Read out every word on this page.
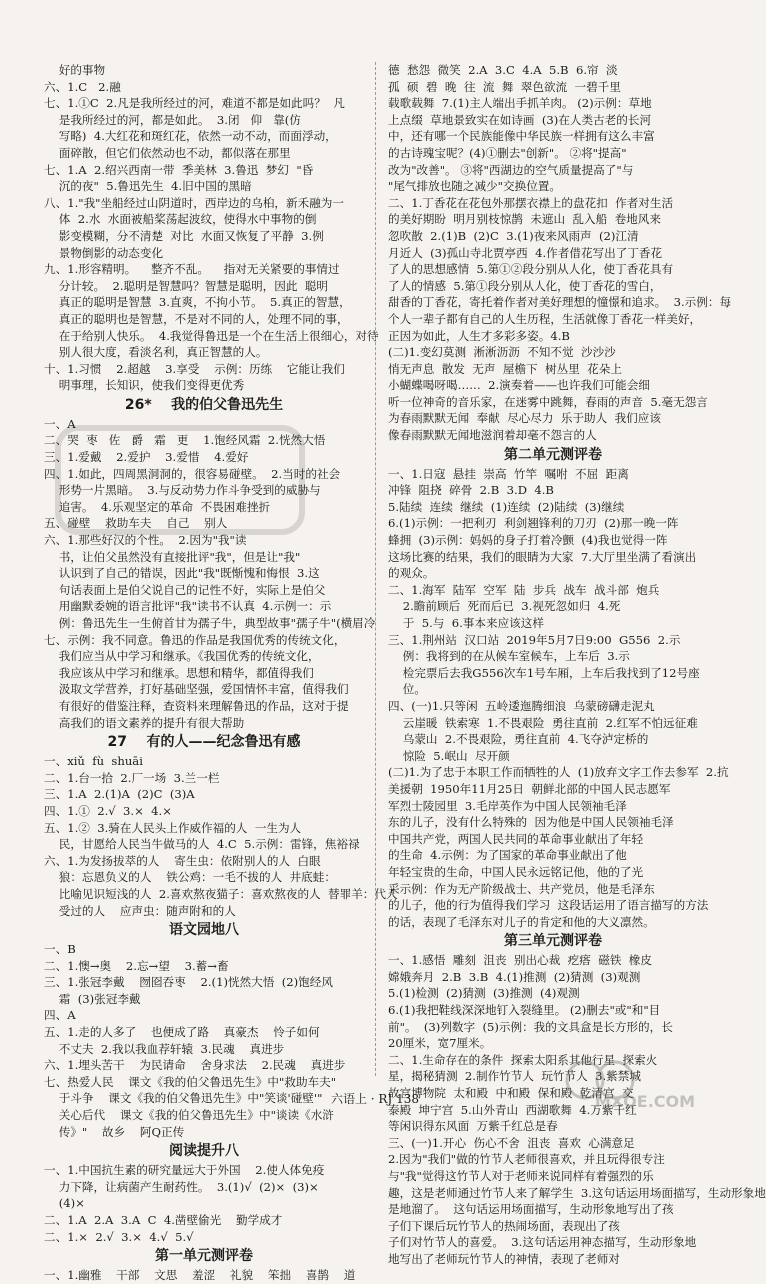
好的事物
六、1.C   2.融
七、1.①C  2.凡是我所经过的河，难道不都是如此吗？  凡
是我所经过的河，都是如此。  3.闭   仰   靠(仿
写略)  4.大红花和斑红花，依然一动不动，而面浮动，
面碎散，但它们依然动也不动，都似落在那里
七、1.A  2.绍兴西南一带  季美林  3.鲁迅  梦幻  "昏
沉的夜"  5.鲁迅先生  4.旧中国的黑暗
八、1."我"坐船经过山阴道时，西岸边的乌桕，新禾融为一
体  2.水  水面被船桨荡起波纹，使得水中事物的倒
影变模糊，分不清楚  对比  水面又恢复了平静  3.例
景物倒影的动态变化
九、1.形容精明。    整齐不乱。    指对无关紧要的事情过
分计较。  2.聪明是智慧吗？智慧是聪明，因此  聪明
真正的聪明是智慧  3.直爽，不拘小节。  5.真正的智慧，
真正的聪明也是智慧，不是对不同的人，处理不同的事，
在于给别人快乐。  4.我觉得鲁迅是一个在生活上很细心，对待
别人很大度，看淡名利，真正智慧的人。
十、1.习惯    2.超越    3.享受    示例：历练    它能让我们
明事理，长知识，使我们变得更优秀
26*    我的伯父鲁迅先生
一、A
二、哭  枣   佐   爵   霜   更    1.饱经风霜  2.恍然大悟
三、1.爱戴    2.爱护    3.爱惜    4.爱好
四、1.如此，四周黑洞洞的，很容易碰壁。  2.当时的社会
形势一片黑暗。  3.与反动势力作斗争受到的威胁与
追害。  4.乐观坚定的革命  不畏困难挫折
五、碰壁    救助车夫    自己    别人
六、1.那些好汉的个性。  2.因为"我"读
书，让伯父虽然没有直接批评"我"，但是让"我"
认识到了自己的错误，因此"我"既惭愧和悔恨  3.这
句话表面上是伯父说自己的记性不好，实际上是伯父
用幽默委婉的语言批评"我"读书不认真  4.示例一：示
例：鲁迅先生一生俯首甘为孺子牛，典型故事"孺子牛"(横眉冷
七、示例：我不同意。鲁迅的作品是我国优秀的传统文化，
我们应当从中学习和继承。《我国优秀的传统文化，
我应该从中学习和继承。思想和精华，都值得我们
汲取文学营养，打好基础坚强，爱国情怀丰富，值得我们
有很好的借鉴注释，查资料来理解鲁迅的作品，这对于提
高我们的语文素养的提升有很大帮助
27    有的人——纪念鲁迅有感
一、xiǔ  fù  shuāi
二、1.台一拾  2.厂一场  3.兰一栏
三、1.A  2.(1)A  (2)C  (3)A
四、1.①  2.√  3.×  4.×
五、1.②  3.骑在人民头上作威作福的人  一生为人
民，甘愿给人民当牛做马的人  4.C  5.示例：雷锋，焦裕禄
六、1.为发扬拔萃的人    寄生虫：依附别人的人  白眼
狼：忘恩负义的人    铁公鸡：一毛不拔的人  井底蛙：
比喻见识短浅的人  2.喜欢熬夜猫子：喜欢熬夜的人  替罪羊：代人
受过的人    应声虫：随声附和的人
语文园地八
一、B
二、1.懊→奥    2.忘→望    3.蓄→畜
三、1.张冠李戴    囫囵吞枣    2.(1)恍然大悟  (2)饱经风
霜  (3)张冠李戴
四、A
五、1.走的人多了    也便成了路    真豪杰    怜子如何
不丈夫  2.我以我血荐轩辕  3.民魂    真进步
六、1.埋头苦干    为民请命    舍身求法    2.民魂    真进步
七、热爱人民    课文《我的伯父鲁迅先生》中"救助车夫"
于斗争    课文《我的伯父鲁迅先生》中"笑谈'碰壁'"
关心后代    课文《我的伯父鲁迅先生》中"谈读《水浒
传》"    故乡    阿Q正传
阅读提升八
一、1.中国抗生素的研究量远大于外国    2.使人体免疫
力下降，让病菌产生耐药性。  3.(1)√  (2)×  (3)×
(4)×
二、1.A  2.A  3.A  C  4.凿壁偷光    勤学成才
二、1.×  2.√  3.×  4.√  5.√
第一单元测评卷
一、1.幽雅    干部    文思    羞涩    礼貌    笨拙    喜鹊    道
德  愁怨  微笑  2.A  3.C  4.A  5.B  6.帘  淡
孤  硕  碧  晚  往  流  舞  翠色欲流  一碧千里
载歌载舞  7.(1)主人端出手抓羊肉。 (2)示例：草地
上点缀  草地景致实在如诗画  (3)在人类古老的长河
中，还有哪一个民族能像中华民族一样拥有这么丰富
的古诗瑰宝呢？(4)①删去"创新"。 ②将"提高"
改为"改善"。 ③将"西湖边的空气质量提高了"与
"尾气排放也随之减少"交换位置。
二、1.丁香花在花包外那摆衣襟上的盘花扣  作者对生活
的美好期盼  明月别枝惊鹊  未遮山  乱入船  卷地风来
忽吹散  2.(1)B  (2)C  3.(1)夜来风雨声  (2)江清
月近人  (3)孤山寺北贾亭西  4.作者借花写出了丁香花
了人的思想感情  5.第①②段分别从人化，使丁香花具有
了人的情感  5.第①段分别从人化，使丁香花的雪白，
甜香的丁香花，寄托着作者对美好理想的憧憬和追求。  3.示例：每
个人一辈子都有自己的人生历程，生活就像丁香花一样美好，
正因为如此，人生才多彩多姿。4.B
(二)1.变幻莫测  淅淅沥沥  不知不觉  沙沙沙
悄无声息  散发  无声  屋檐下  树丛里  花朵上
小蝴蝶喝呀喝……  2.演奏着——也许我们可能会细
听一位神奇的音乐家，在迷雾中跳舞，春雨的声音  5.毫无怨言
为春雨默默无闻  奉献  尽心尽力  乐于助人  我们应该
像春雨默默无闻地滋润着却毫不怨言的人
第二单元测评卷
一、1.日寇  悬挂  崇高  竹竿  嘱咐  不屈  距离
冲锋  阻挠  碎骨  2.B  3.D  4.B
5.陆续  连续  继续  (1)连续  (2)陆续  (3)继续
6.(1)示例：一把利刃  利剑翘锋利的刀刃  (2)那一晚一阵
蜂拥  (3)示例：妈妈的身子打着冷颤  (4)我也觉得一阵
这场比赛的结果，我们的眼睛为大家  7.大厅里坐满了看演出
的观众。
二、1.海军  陆军  空军  陆  步兵  战车  战斗部  炮兵
2.瞻前顾后  死而后已  3.视死忽如归  4.死
于  5.与  6.事本来应该这样
三、1.荆州站  汉口站  2019年5月7日9:00  G556  2.示
例：我将到的在从候车室候车，上车后  3.示
检完票后去我G556次车1号车厢，上车后我找到了12号座
位。
四、(一)1.只等闲  五岭逶迤腾细浪  乌蒙磅礴走泥丸
云崖暖  铁索寒  1.不畏艰险  勇往直前  2.红军不怕远征难
乌蒙山  2.不畏艰险，勇往直前  4.飞夺泸定桥的
惊险  5.岷山  尽开颜
(二)1.为了忠于本职工作而牺牲的人  (1)放弃文字工作去参军  2.抗
美援朝  1950年11月25日  朝鲜北部的中国人民志愿军
军烈士陵园里  3.毛岸英作为中国人民领袖毛泽
东的儿子，没有什么特殊的  因为他是中国人民领袖毛泽
中国共产党，两国人民共同的革命事业献出了年轻
的生命  4.示例：为了国家的革命事业献出了他
年轻宝贵的生命，中国人民永远铭记他，他的了光
采示例：作为无产阶级战士、共产党员，他是毛泽东
的儿子，他的行为值得我们学习  这段话运用了语言描写的方法
的话，表现了毛泽东对儿子的肯定和他的大义凛然。
第三单元测评卷
一、1.感悟  雕刻  沮丧  别出心裁  疙瘩  磁铁  橡皮
嫦娥奔月  2.B  3.B  4.(1)推测  (2)猜测  (3)观测
5.(1)检测  (2)猜测  (3)推测  (4)观测
6.(1)我把鞋线深深地钉入裂缝里。 (2)删去"或"和"目
前"。  (3)列数字  (5)示例：我的文具盒是长方形的，长
20厘米，宽7厘米。
二、1.生命存在的条件  探索太阳系其他行星  探索火
星，揭秘猜测  2.制作竹节人  玩竹节人  3.紫禁城
故宫博物院  太和殿  中和殿  保和殿  乾清宫  交
泰殿  坤宁宫  5.山外青山  西湖歌舞  4.万紫千红
等闲识得东风面  万紫千红总是春
三、(一)1.开心  伤心不舍  沮丧  喜欢  心满意足
2.因为"我们"做的竹节人老师很喜欢，并且玩得很专注
与"我"觉得这竹节人对于老师来说同样有着强烈的乐
趣，这是老师通过竹节人来了解学生  3.这句话运用场面描写，生动形象地
是地溜了。  这句话运用场面描写，生动形象地写出了孩
子们下课后玩竹节人的热闹场面，表现出了孩
子们对竹节人的喜爱。  3.这句话运用神态描写，生动形象地
地写出了老师玩竹节人的神情，表现了老师对
MXQE.COM
六语上 · RJ 138
